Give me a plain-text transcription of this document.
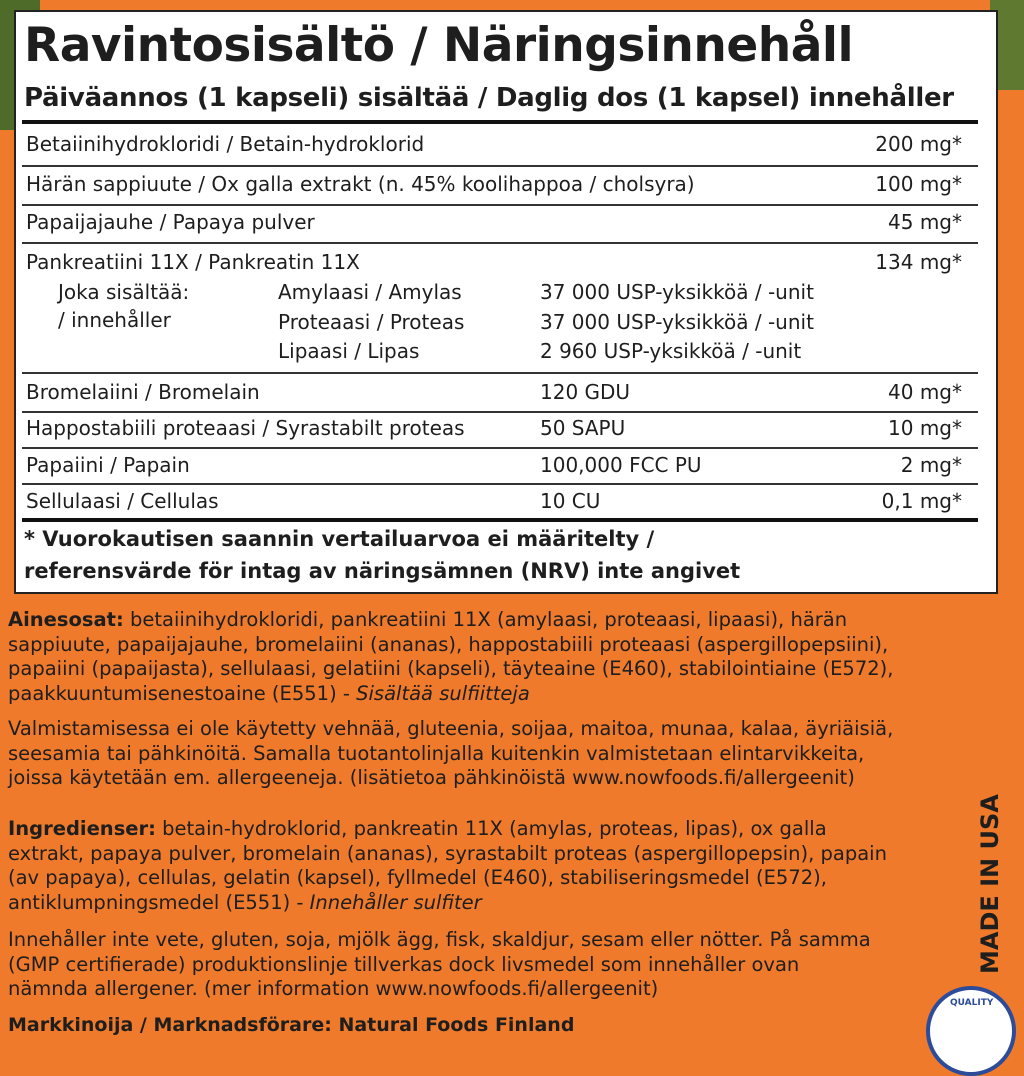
Ravintosisältö / Näringsinnehåll
Päiväannos (1 kapseli) sisältää / Daglig dos (1 kapsel) innehåller
Betaiinihydrokloridi / Betain-hydroklorid	200 mg*
Härän sappiuute / Ox galla extrakt (n. 45% koolihappoa / cholsyra)	100 mg*
Papaijajauhe / Papaya pulver	45 mg*
Pankreatiini 11X / Pankreatin 11X	134 mg*
Joka sisältää:
/ innehåller
Amylaasi / Amylas	37 000 USP-yksikköä / -unit
Proteaasi / Proteas	37 000 USP-yksikköä / -unit
Lipaasi / Lipas	2 960 USP-yksikköä / -unit
Bromelaiini / Bromelain	120 GDU	40 mg*
Happostabiili proteaasi / Syrastabilt proteas	50 SAPU	10 mg*
Papaiini / Papain	100,000 FCC PU	2 mg*
Sellulaasi / Cellulas	10 CU	0,1 mg*
* Vuorokautisen saannin vertailuarvoa ei määritelty /
referensvärde för intag av näringsämnen (NRV) inte angivet
Ainesosat: betaiinihydrokloridi, pankreatiini 11X (amylaasi, proteaasi, lipaasi), härän
sappiuute, papaijajauhe, bromelaiini (ananas), happostabiili proteaasi (aspergillopepsiini),
papaiini (papaijasta), sellulaasi, gelatiini (kapseli), täyteaine (E460), stabilointiaine (E572),
paakkuuntumisenestoaine (E551) - Sisältää sulfiitteja
Valmistamisessa ei ole käytetty vehnää, gluteenia, soijaa, maitoa, munaa, kalaa, äyriäisiä,
seesamia tai pähkinöitä. Samalla tuotantolinjalla kuitenkin valmistetaan elintarvikkeita,
joissa käytetään em. allergeeneja. (lisätietoa pähkinöistä www.nowfoods.fi/allergeenit)
Ingredienser: betain-hydroklorid, pankreatin 11X (amylas, proteas, lipas), ox galla
extrakt, papaya pulver, bromelain (ananas), syrastabilt proteas (aspergillopepsin), papain
(av papaya), cellulas, gelatin (kapsel), fyllmedel (E460), stabiliseringsmedel (E572),
antiklumpningsmedel (E551) - Innehåller sulfiter
Innehåller inte vete, gluten, soja, mjölk ägg, fisk, skaldjur, sesam eller nötter. På samma
(GMP certifierade) produktionslinje tillverkas dock livsmedel som innehåller ovan
nämnda allergener. (mer information www.nowfoods.fi/allergeenit)
MADE IN USA
QUALITY
Markkinoija / Marknadsförare: Natural Foods Finland
